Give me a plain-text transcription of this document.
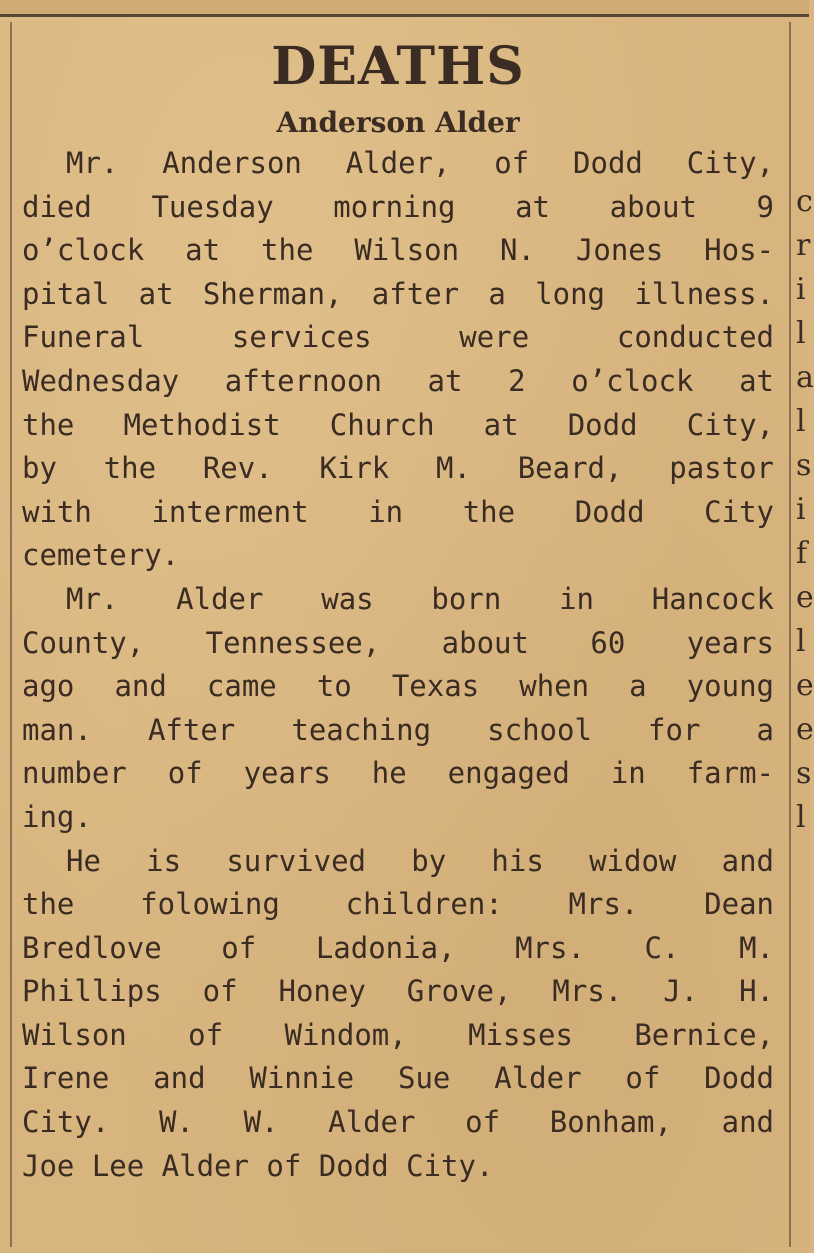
c
r
i
l
a
l
s
i
f
e
l
e
e
s
l
DEATHS
Anderson Alder
Mr. Anderson Alder, of Dodd City,
died Tuesday morning at about 9
o’clock at the Wilson N. Jones Hos-
pital at Sherman, after a long illness.
Funeral services were conducted
Wednesday afternoon at 2 o’clock at
the Methodist Church at Dodd City,
by the Rev. Kirk M. Beard, pastor
with interment in the Dodd City
cemetery.
Mr. Alder was born in Hancock
County, Tennessee, about 60 years
ago and came to Texas when a young
man. After teaching school for a
number of years he engaged in farm-
ing.
He is survived by his widow and
the folowing children: Mrs. Dean
Bredlove of Ladonia, Mrs. C. M.
Phillips of Honey Grove, Mrs. J. H.
Wilson of Windom, Misses Bernice,
Irene and Winnie Sue Alder of Dodd
City. W. W. Alder of Bonham, and
Joe Lee Alder of Dodd City.
